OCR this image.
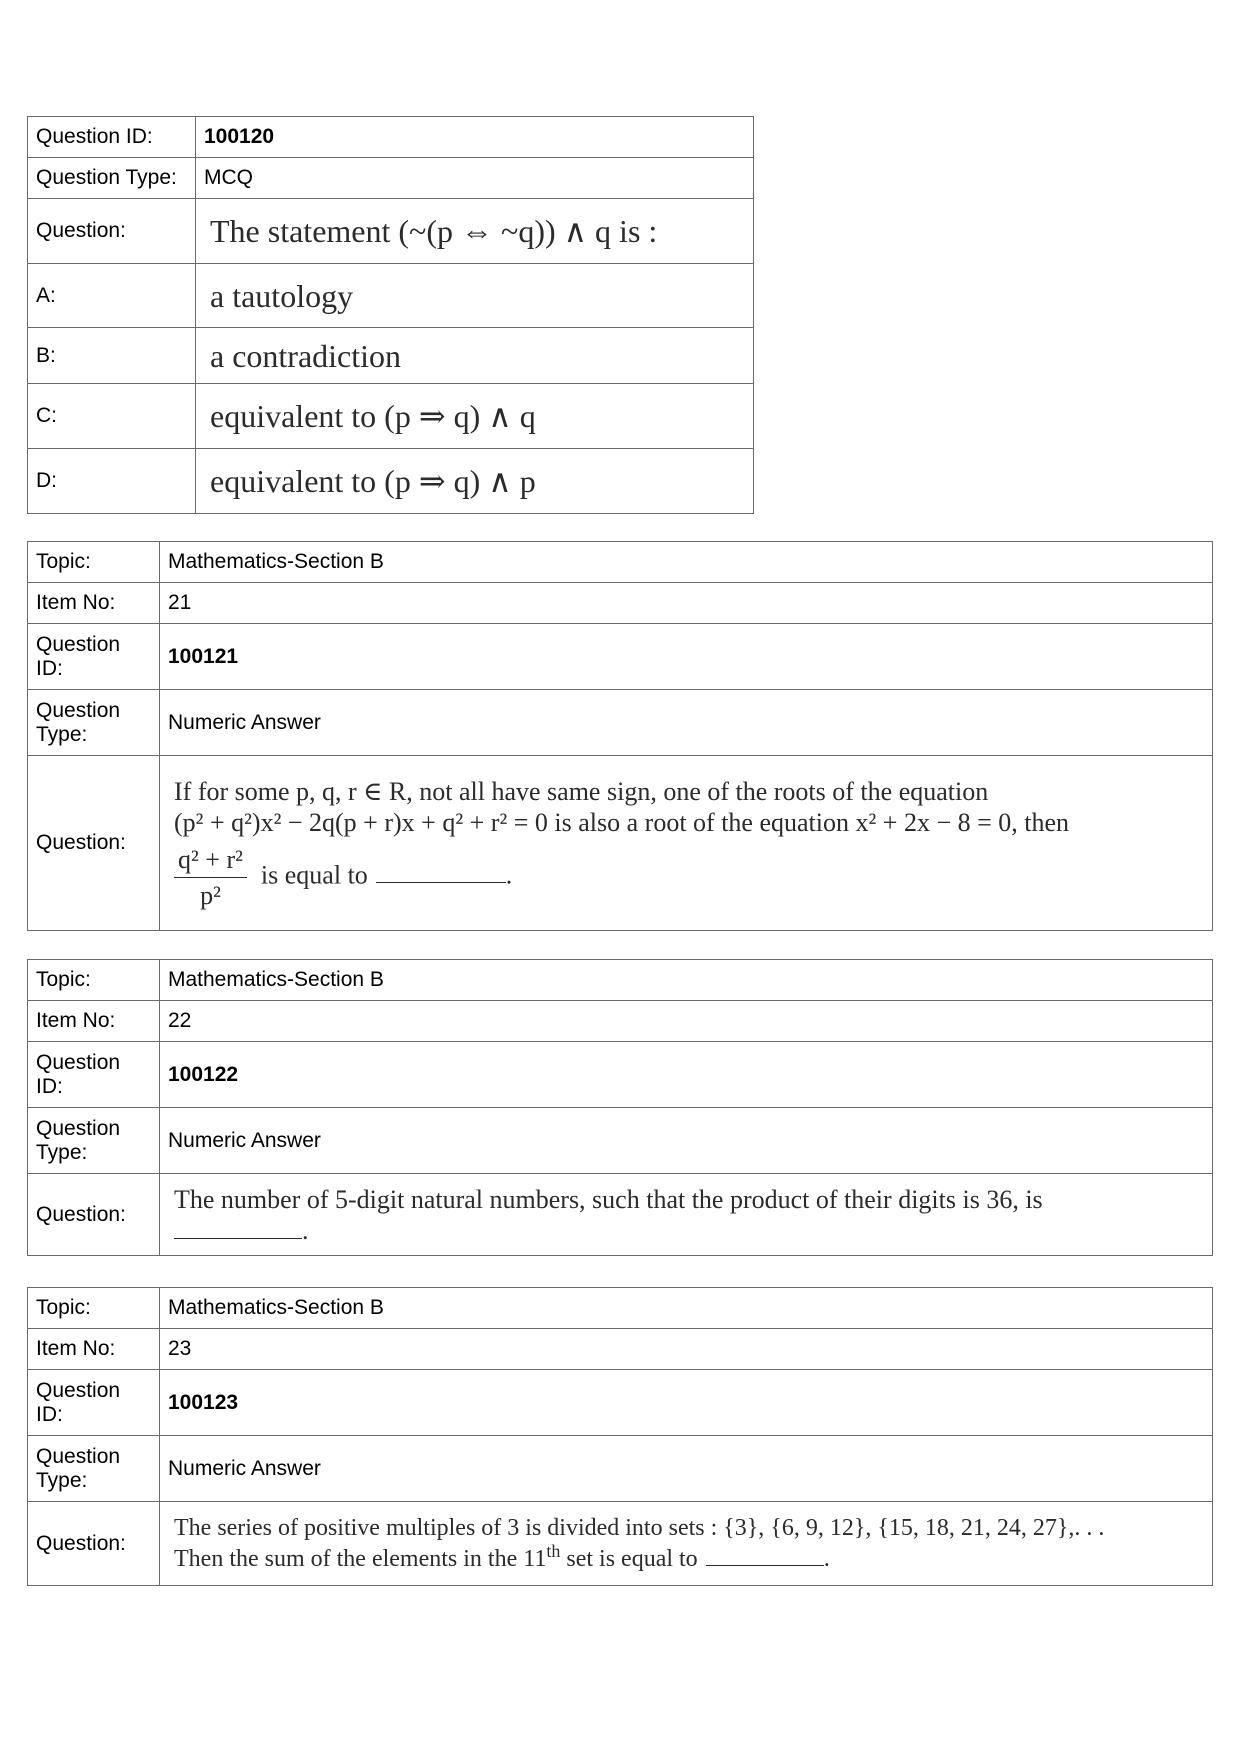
Question ID:	100120
Question Type:	MCQ
Question:	The statement (~(p ⇔ ~q)) ∧ q is :
A:	a tautology
B:	a contradiction
C:	equivalent to (p ⇒ q) ∧ q
D:	equivalent to (p ⇒ q) ∧ p
Topic:	Mathematics-Section B
Item No:	21
Question ID:	100121
Question Type:	Numeric Answer
Question:	If for some p, q, r ∈ R, not all have same sign, one of the roots of the equation
(p² + q²)x² − 2q(p + r)x + q² + r² = 0 is also a root of the equation x² + 2x − 8 = 0, then
$\frac{\text{q² + r²}}{\text{p²}}$ is equal to .
Topic:	Mathematics-Section B
Item No:	22
Question ID:	100122
Question Type:	Numeric Answer
Question:	The number of 5-digit natural numbers, such that the product of their digits is 36, is
.
Topic:	Mathematics-Section B
Item No:	23
Question ID:	100123
Question Type:	Numeric Answer
Question:	The series of positive multiples of 3 is divided into sets : {3}, {6, 9, 12}, {15, 18, 21, 24, 27},. . .
Then the sum of the elements in the 11th set is equal to .
